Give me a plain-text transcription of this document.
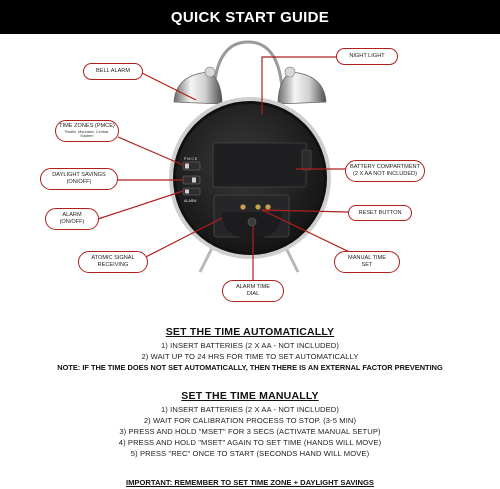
QUICK START GUIDE
P M C E
ALARM
BELL ALARM
NIGHT LIGHT
TIME ZONES (PMCE)
Pacific, Mountain, Central, Eastern
DAYLIGHT SAVINGS
(ON/OFF)
BATTERY COMPARTMENT
(2 X AA NOT INCLUDED)
RESET BUTTON
ALARM
(ON/OFF)
ATOMIC SIGNAL
RECEIVING
MANUAL TIME
SET
ALARM TIME
DIAL
SET THE TIME AUTOMATICALLY
1) INSERT BATTERIES (2 X AA - NOT INCLUDED)
2) WAIT UP TO 24 HRS FOR TIME TO SET AUTOMATICALLY
NOTE: IF THE TIME DOES NOT SET AUTOMATICALLY, THEN THERE IS AN EXTERNAL FACTOR PREVENTING
SET THE TIME MANUALLY
1) INSERT BATTERIES (2 X AA - NOT INCLUDED)
2) WAIT FOR CALIBRATION PROCESS TO STOP. (3-5 MIN)
3) PRESS AND HOLD "MSET" FOR 3 SECS (ACTIVATE MANUAL SETUP)
4) PRESS AND HOLD "MSET" AGAIN TO SET TIME (HANDS WILL MOVE)
5) PRESS "REC" ONCE TO START (SECONDS HAND WILL MOVE)
IMPORTANT: REMEMBER TO SET TIME ZONE + DAYLIGHT SAVINGS
